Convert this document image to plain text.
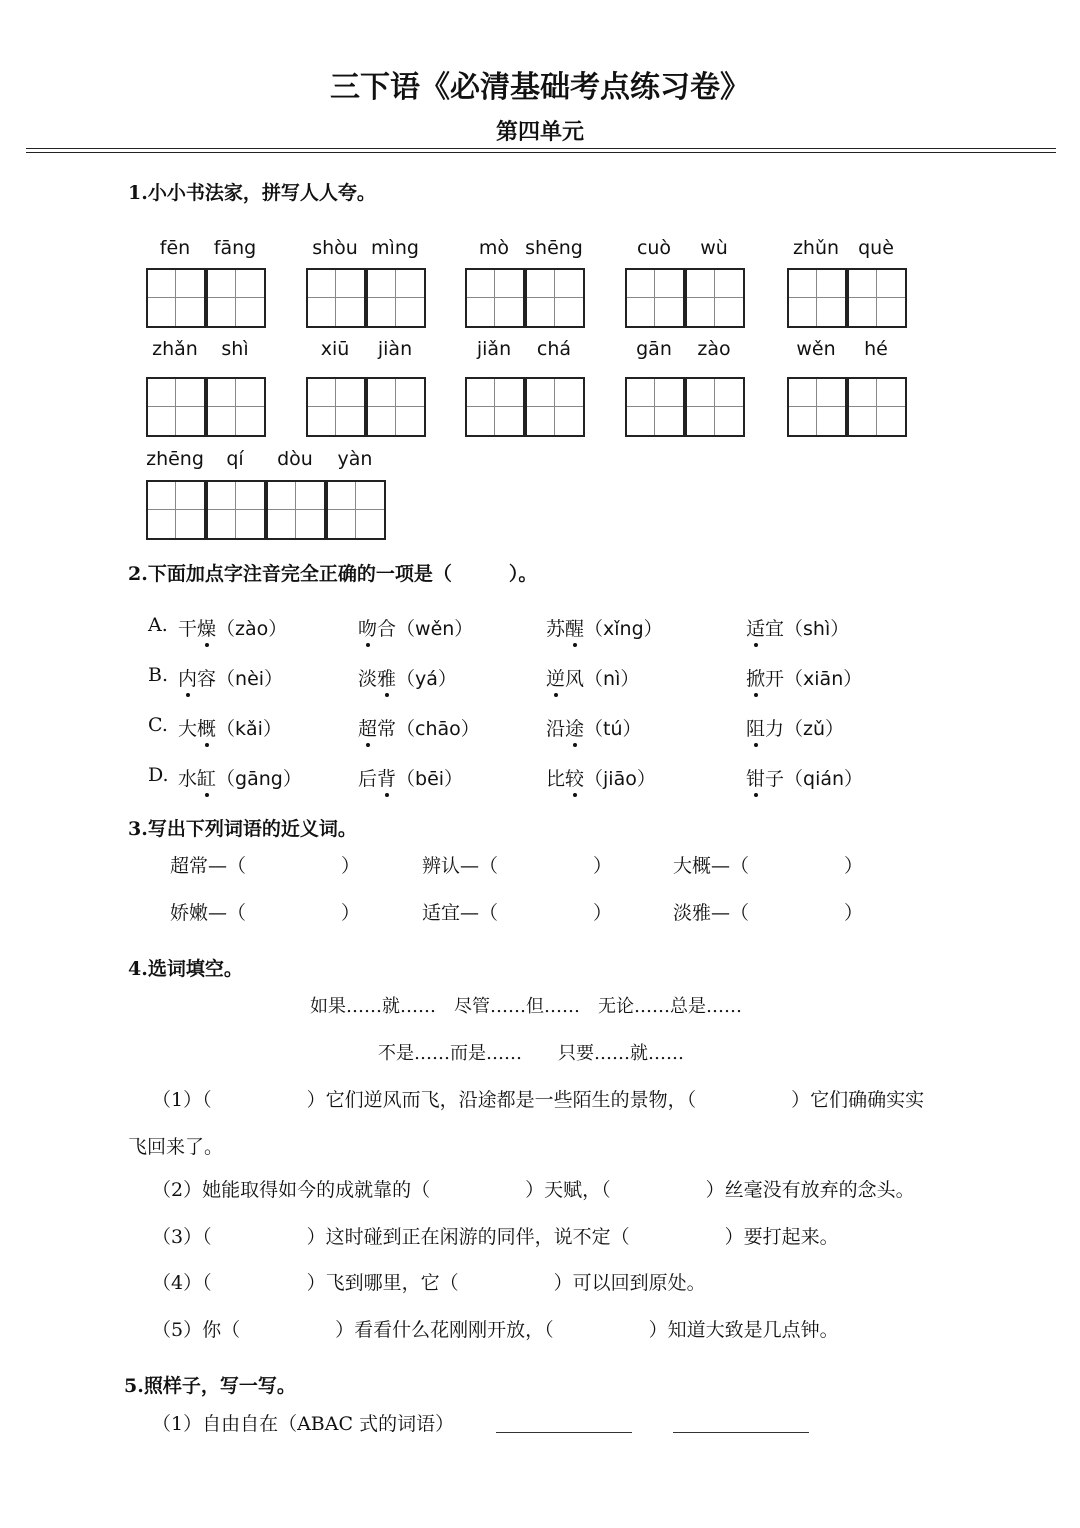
三下语《必清基础考点练习卷》
第四单元
1.小小书法家，拼写人人夸。
fēn	fāng	shòu mìng	mò shēng	cuò	wù	zhǔn	què
zhǎn	shì	xiū	jiàn	jiǎn	chá	gān	zào	wěn	hé
zhēng	qí	dòu	yàn
2.下面加点字注音完全正确的一项是（　　　）。
A. 干燥（zào）	吻合（wěn）	苏醒（xǐng）	适宜（shì）
B. 内容（nèi）	淡雅（yá）	逆风（nì）	掀开（xiān）
C. 大概（kǎi）	超常（chāo）	沿途（tú）	阻力（zǔ）
D. 水缸（gāng）	后背（bēi）	比较（jiāo）	钳子（qián）
3.写出下列词语的近义词。
超常—（　　　　　）	辨认—（　　　　　）	大概—（　　　　　）
娇嫩—（　　　　　）	适宜—（　　　　　）	淡雅—（　　　　　）
4.选词填空。
如果……就……　尽管……但……　无论……总是……
不是……而是……　　只要……就……
（1）（　　　　　）它们逆风而飞，沿途都是一些陌生的景物，（　　　　　）它们确确实实
飞回来了。
（2）她能取得如今的成就靠的（　　　　　）天赋，（　　　　　）丝毫没有放弃的念头。
（3）（　　　　　）这时碰到正在闲游的同伴，说不定（　　　　　）要打起来。
（4）（　　　　　）飞到哪里，它（　　　　　）可以回到原处。
（5）你（　　　　　）看看什么花刚刚开放，（　　　　　）知道大致是几点钟。
5.照样子，写一写。
（1）自由自在（ABAC 式的词语）
